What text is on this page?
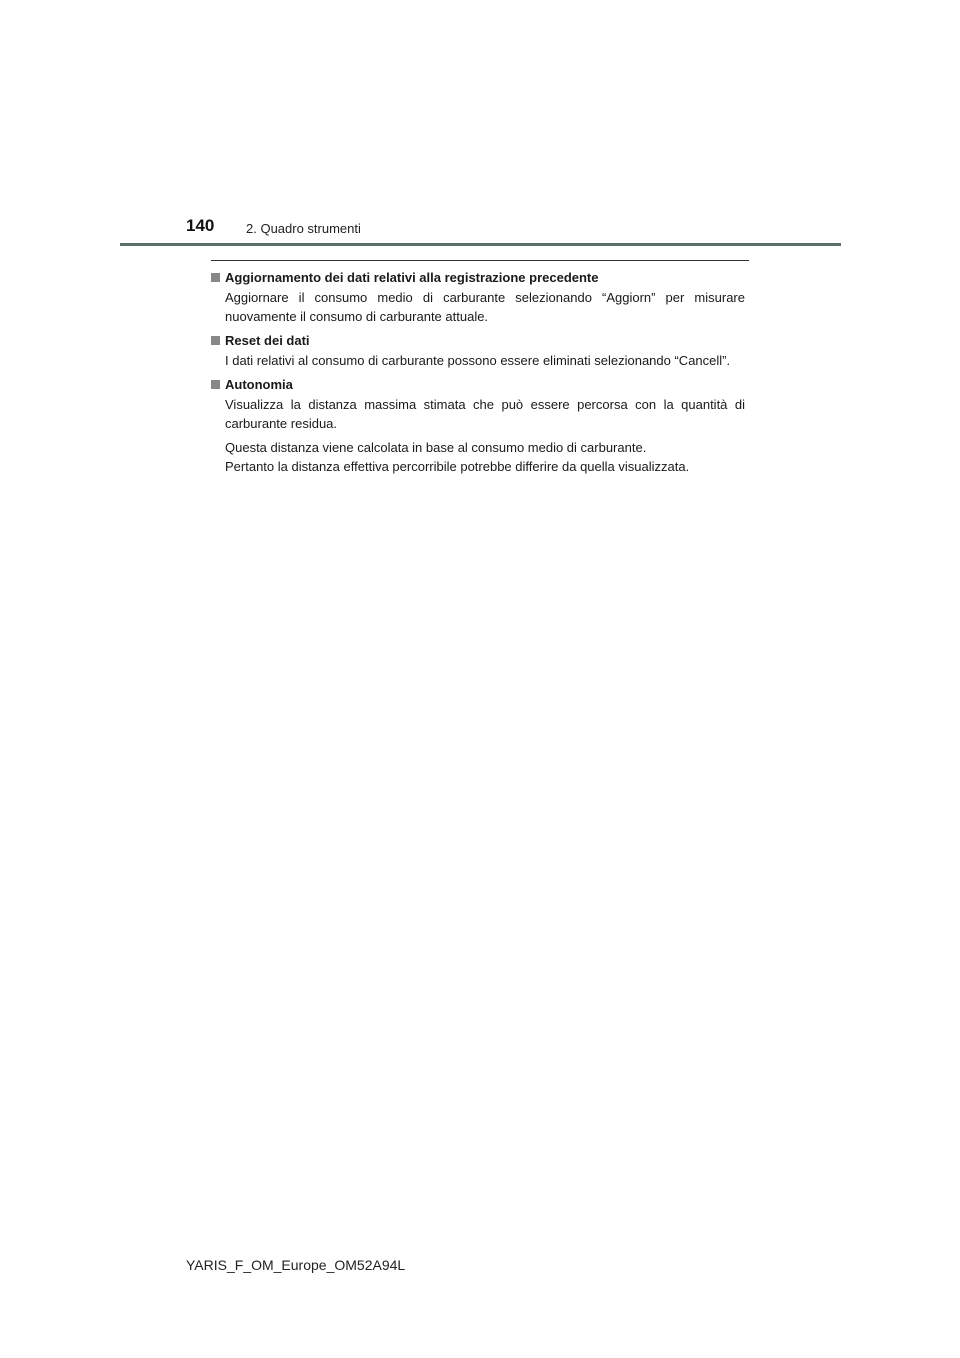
140 2. Quadro strumenti
Aggiornamento dei dati relativi alla registrazione precedente
Aggiornare il consumo medio di carburante selezionando “Aggiorn” per misurare nuovamente il consumo di carburante attuale.
Reset dei dati
I dati relativi al consumo di carburante possono essere eliminati selezionando “Cancell”.
Autonomia
Visualizza la distanza massima stimata che può essere percorsa con la quantità di carburante residua.
Questa distanza viene calcolata in base al consumo medio di carburante.
Pertanto la distanza effettiva percorribile potrebbe differire da quella visualizzata.
YARIS_F_OM_Europe_OM52A94L
